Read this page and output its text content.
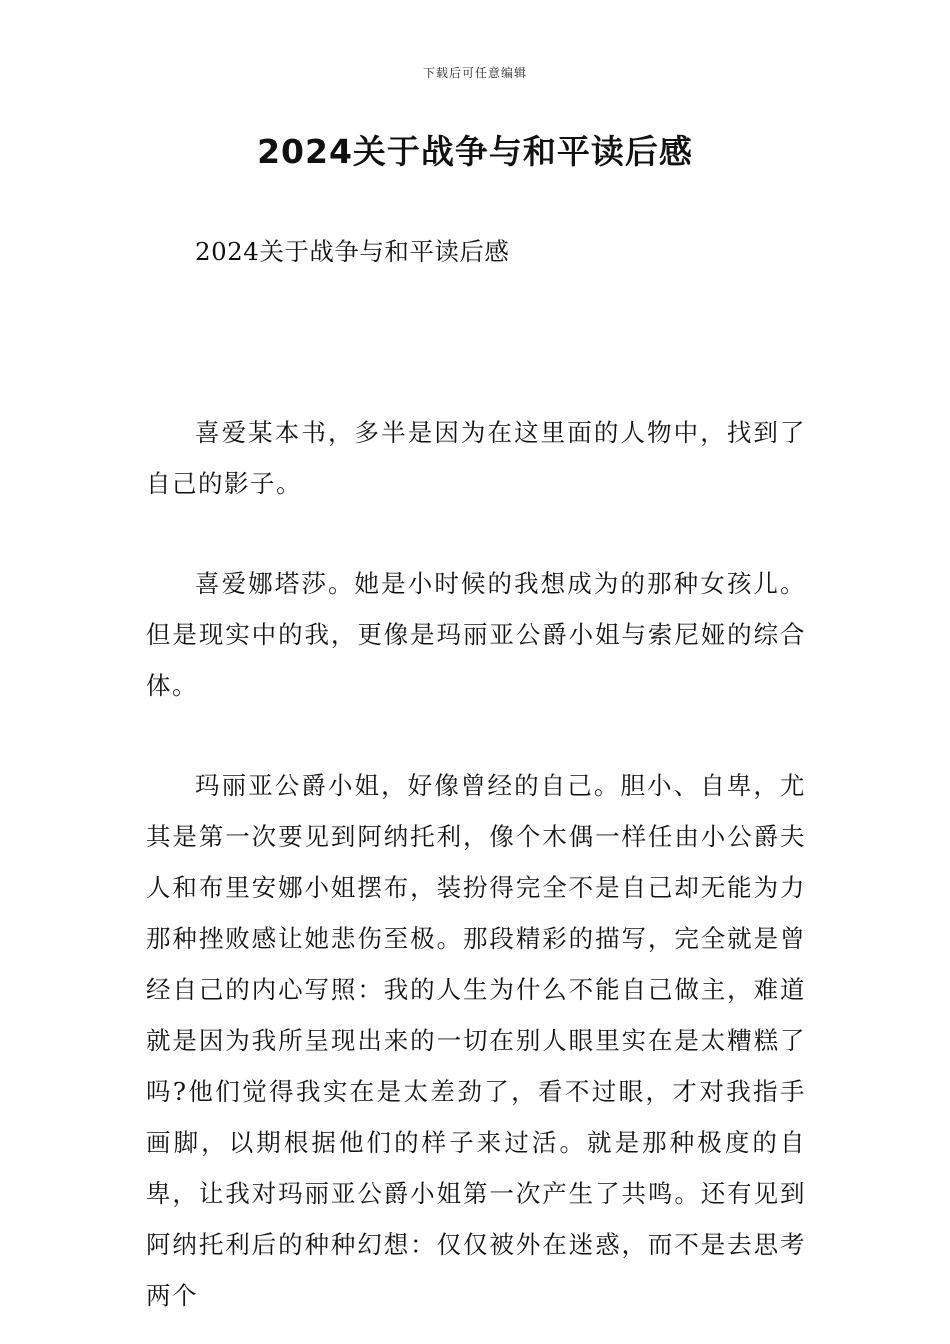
下载后可任意编辑
2024关于战争与和平读后感

2024关于战争与和平读后感

喜爱某本书，多半是因为在这里面的人物中，找到了自己的影子。

喜爱娜塔莎。她是小时候的我想成为的那种女孩儿。但是现实中的我，更像是玛丽亚公爵小姐与索尼娅的综合体。

玛丽亚公爵小姐，好像曾经的自己。胆小、自卑，尤其是第一次要见到阿纳托利，像个木偶一样任由小公爵夫人和布里安娜小姐摆布，装扮得完全不是自己却无能为力那种挫败感让她悲伤至极。那段精彩的描写，完全就是曾经自己的内心写照：我的人生为什么不能自己做主，难道就是因为我所呈现出来的一切在别人眼里实在是太糟糕了吗?他们觉得我实在是太差劲了，看不过眼，才对我指手画脚，以期根据他们的样子来过活。就是那种极度的自卑，让我对玛丽亚公爵小姐第一次产生了共鸣。还有见到阿纳托利后的种种幻想：仅仅被外在迷惑，而不是去思考两个
